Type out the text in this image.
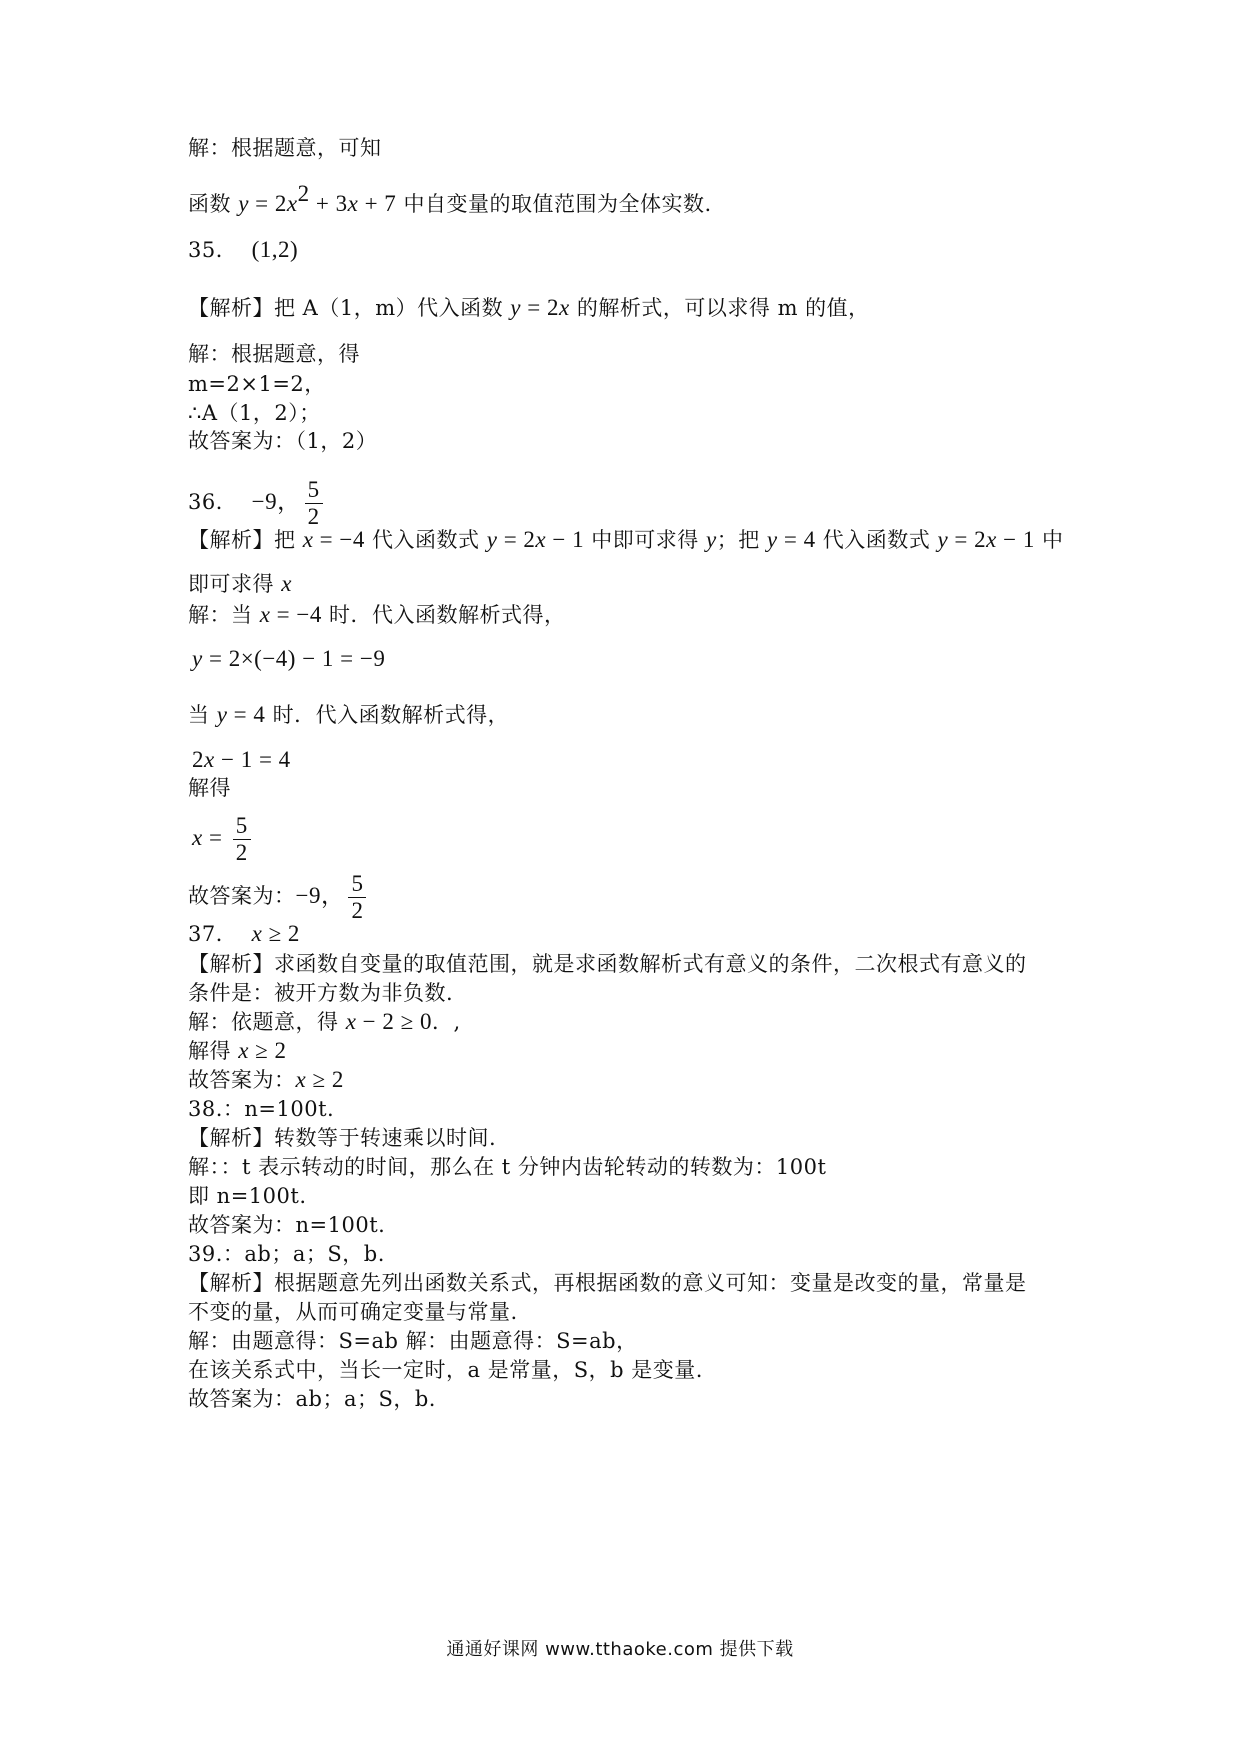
解：根据题意，可知
函数 $y = 2x^2 + 3x + 7$ 中自变量的取值范围为全体实数.
35． (1,2)
【解析】把 A（1，m）代入函数 y = 2x 的解析式，可以求得 m 的值，
解：根据题意，得
m=2×1=2，
∴A（1，2）；
故答案为：（1，2）
36． −9， $\frac{5}{2}$
【解析】把 x = −4 代入函数式 y = 2x − 1 中即可求得 y；把 y = 4 代入函数式 y = 2x − 1 中
即可求得 x
解：当 x = −4 时．代入函数解析式得，
y = 2×(−4) − 1 = −9
当 y = 4 时．代入函数解析式得，
2x − 1 = 4
解得
$x = \frac{5}{2}$
故答案为：−9， $\frac{5}{2}$
37． x ≥ 2
【解析】求函数自变量的取值范围，就是求函数解析式有意义的条件，二次根式有意义的
条件是：被开方数为非负数.
解：依题意，得 x − 2 ≥ 0．,
解得 x ≥ 2
故答案为：x ≥ 2
38.：n=100t.
【解析】转数等于转速乘以时间.
解：：t 表示转动的时间，那么在 t 分钟内齿轮转动的转数为：100t
即 n=100t.
故答案为：n=100t.
39.：ab；a；S，b.
【解析】根据题意先列出函数关系式，再根据函数的意义可知：变量是改变的量，常量是
不变的量，从而可确定变量与常量.
解：由题意得：S=ab 解：由题意得：S=ab，
在该关系式中，当长一定时，a 是常量，S，b 是变量.
故答案为：ab；a；S，b.
通通好课网 www.tthaoke.com 提供下载
